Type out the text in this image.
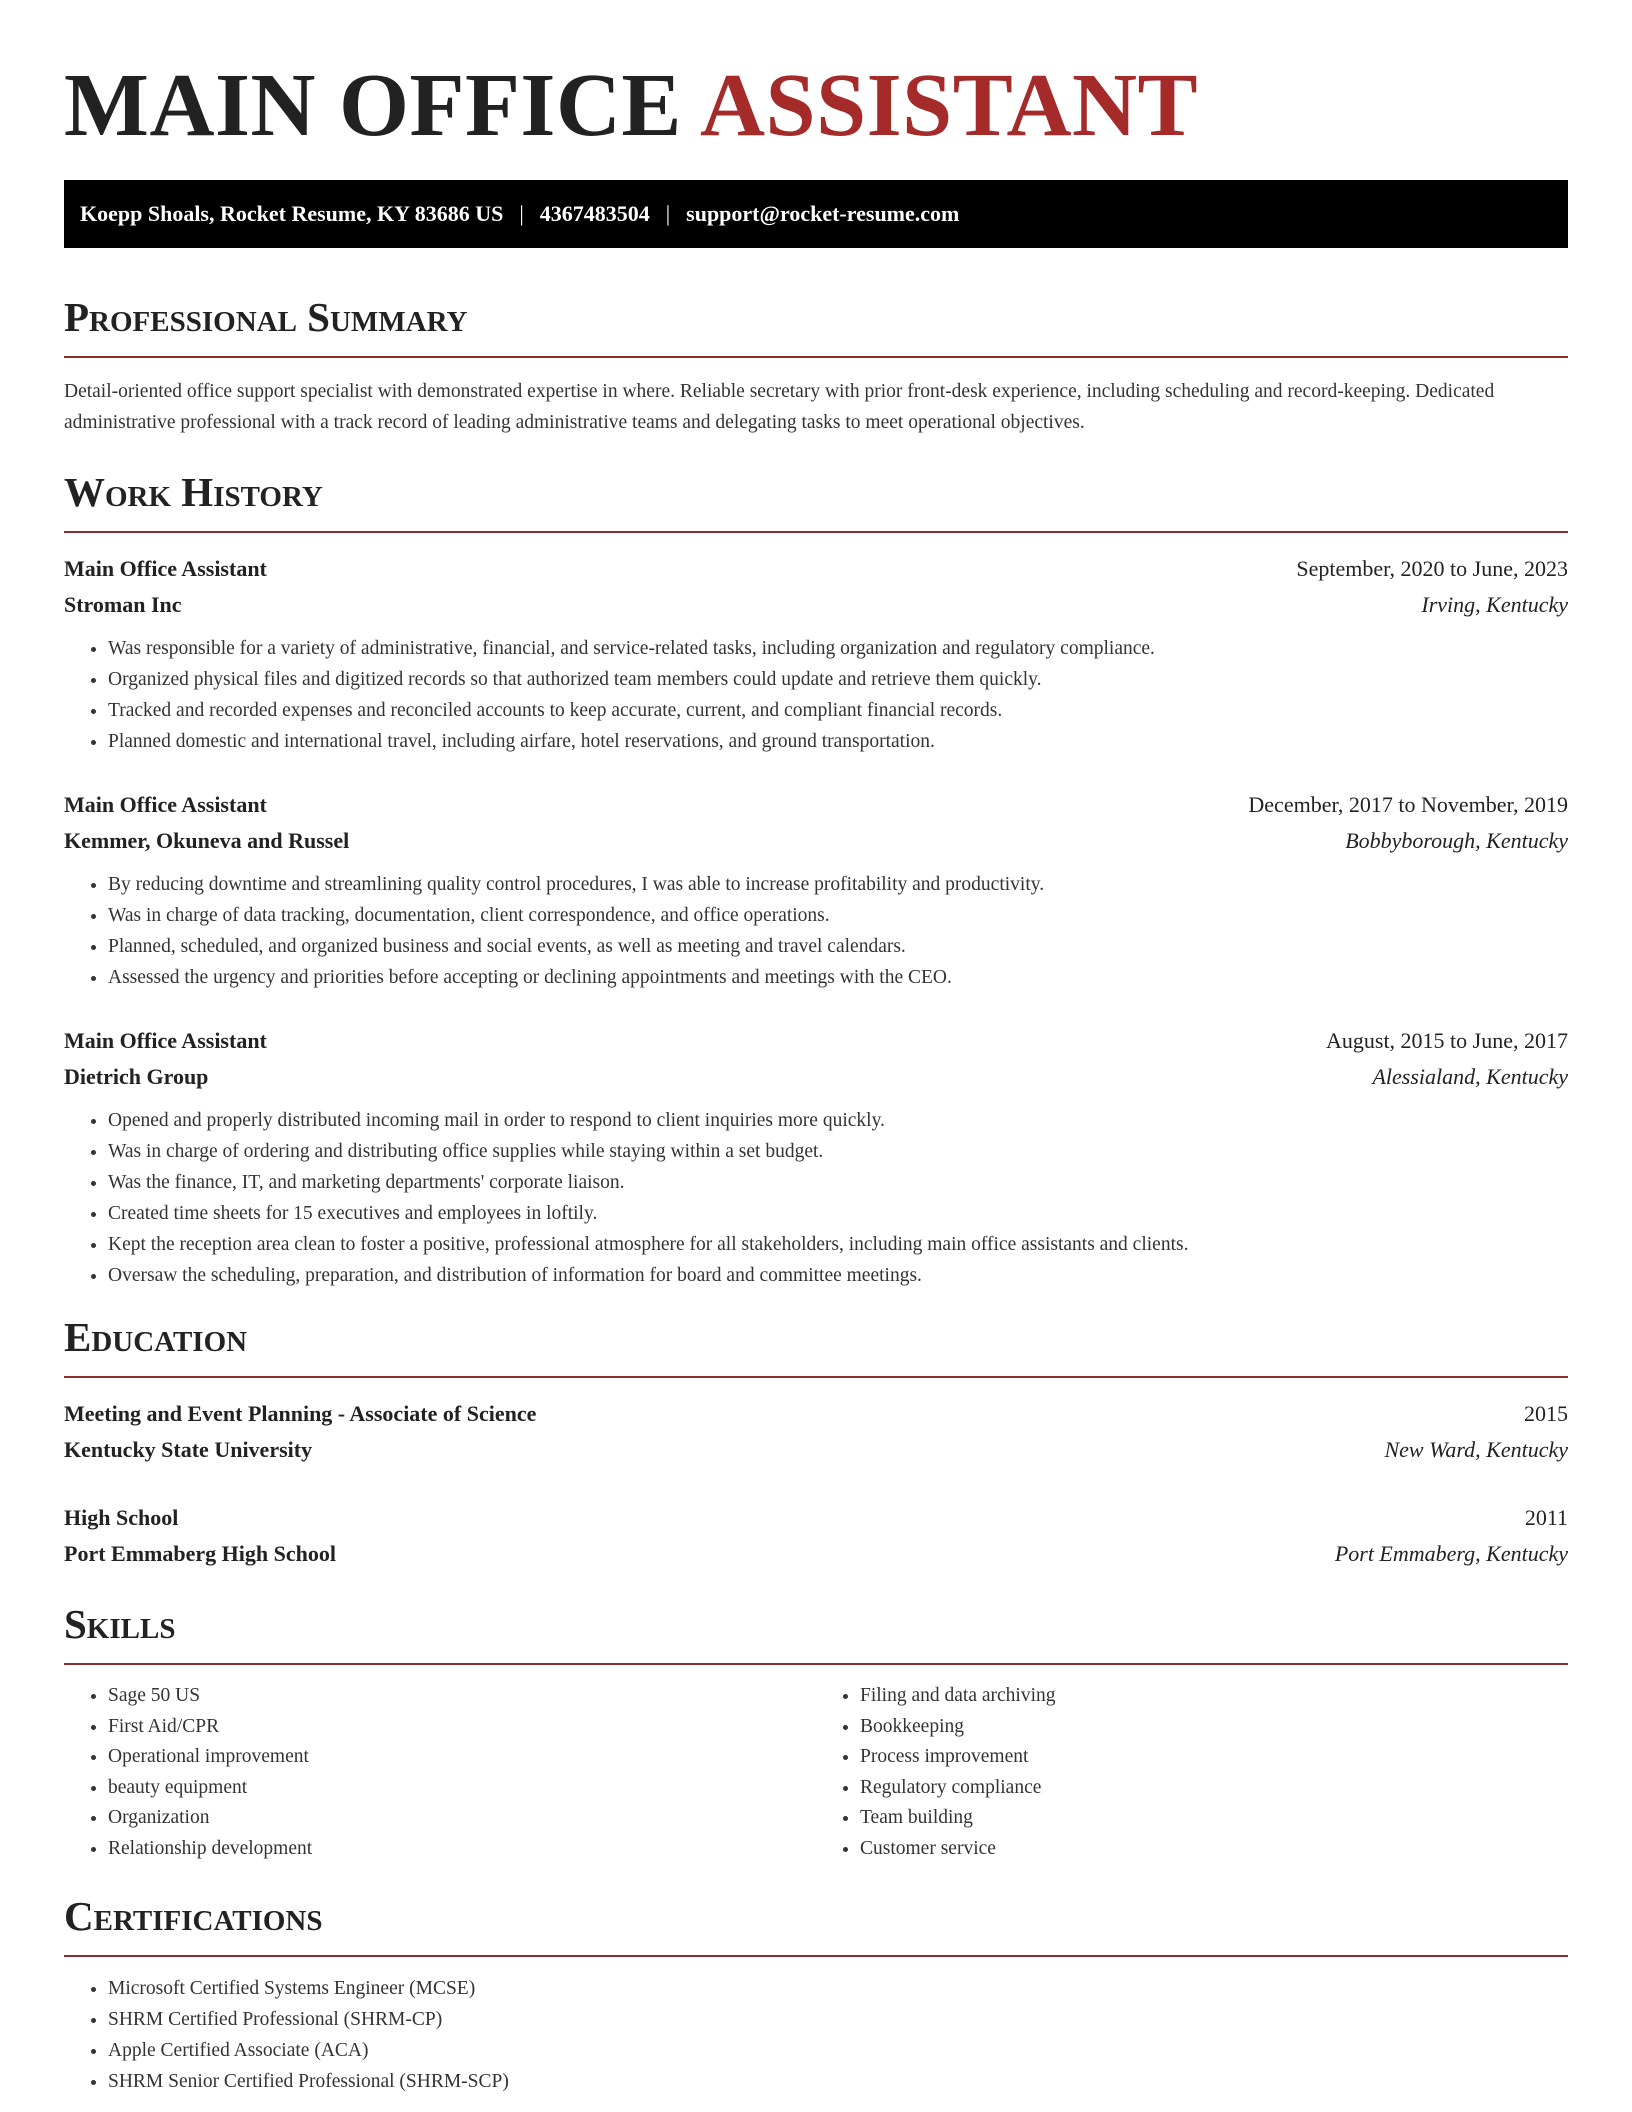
MAIN OFFICE ASSISTANT
Koepp Shoals, Rocket Resume, KY 83686 US | 4367483504 | support@rocket-resume.com
Professional Summary

Detail-oriented office support specialist with demonstrated expertise in where. Reliable secretary with prior front-desk experience, including scheduling and record-keeping. Dedicated administrative professional with a track record of leading administrative teams and delegating tasks to meet operational objectives.

Work History
Main Office Assistant	September, 2020 to June, 2023
Stroman Inc	Irving, Kentucky
• Was responsible for a variety of administrative, financial, and service-related tasks, including organization and regulatory compliance.
• Organized physical files and digitized records so that authorized team members could update and retrieve them quickly.
• Tracked and recorded expenses and reconciled accounts to keep accurate, current, and compliant financial records.
• Planned domestic and international travel, including airfare, hotel reservations, and ground transportation.
Main Office Assistant	December, 2017 to November, 2019
Kemmer, Okuneva and Russel	Bobbyborough, Kentucky
• By reducing downtime and streamlining quality control procedures, I was able to increase profitability and productivity.
• Was in charge of data tracking, documentation, client correspondence, and office operations.
• Planned, scheduled, and organized business and social events, as well as meeting and travel calendars.
• Assessed the urgency and priorities before accepting or declining appointments and meetings with the CEO.
Main Office Assistant	August, 2015 to June, 2017
Dietrich Group	Alessialand, Kentucky
• Opened and properly distributed incoming mail in order to respond to client inquiries more quickly.
• Was in charge of ordering and distributing office supplies while staying within a set budget.
• Was the finance, IT, and marketing departments' corporate liaison.
• Created time sheets for 15 executives and employees in loftily.
• Kept the reception area clean to foster a positive, professional atmosphere for all stakeholders, including main office assistants and clients.
• Oversaw the scheduling, preparation, and distribution of information for board and committee meetings.
Education
Meeting and Event Planning - Associate of Science	2015
Kentucky State University	New Ward, Kentucky
High School	2011
Port Emmaberg High School	Port Emmaberg, Kentucky
Skills
• Sage 50 US
• First Aid/CPR
• Operational improvement
• beauty equipment
• Organization
• Relationship development
• Filing and data archiving
• Bookkeeping
• Process improvement
• Regulatory compliance
• Team building
• Customer service
Certifications
• Microsoft Certified Systems Engineer (MCSE)
• SHRM Certified Professional (SHRM-CP)
• Apple Certified Associate (ACA)
• SHRM Senior Certified Professional (SHRM-SCP)
